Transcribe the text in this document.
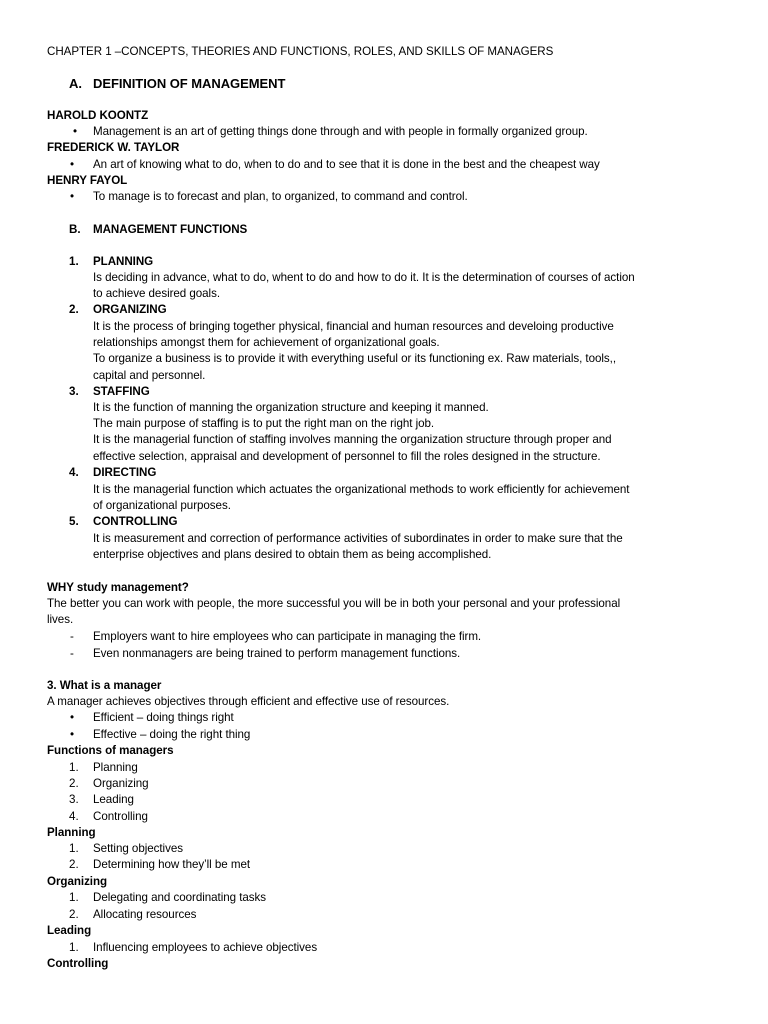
CHAPTER 1 –CONCEPTS, THEORIES AND FUNCTIONS, ROLES, AND SKILLS OF MANAGERS
A. DEFINITION OF MANAGEMENT
HAROLD KOONTZ
• Management is an art of getting things done through and with people in formally organized group.
FREDERICK W. TAYLOR
• An art of knowing what to do, when to do and to see that it is done in the best and the cheapest way
HENRY FAYOL
• To manage is to forecast and plan, to organized, to command and control.
B. MANAGEMENT FUNCTIONS
1. PLANNING
Is deciding in advance, what to do, whent to do and how to do it. It is the determination of courses of action
to achieve desired goals.
2. ORGANIZING
It is the process of bringing together physical, financial and human resources and develoing productive
relationships amongst them for achievement of organizational goals.
To organize a business is to provide it with everything useful or its functioning ex. Raw materials, tools,,
capital and personnel.
3. STAFFING
It is the function of manning the organization structure and keeping it manned.
The main purpose of staffing is to put the right man on the right job.
It is the managerial function of staffing involves manning the organization structure through proper and
effective selection, appraisal and development of personnel to fill the roles designed in the structure.
4. DIRECTING
It is the managerial function which actuates the organizational methods to work efficiently for achievement
of organizational purposes.
5. CONTROLLING
It is measurement and correction of performance activities of subordinates in order to make sure that the
enterprise objectives and plans desired to obtain them as being accomplished.
WHY study management?
The better you can work with people, the more successful you will be in both your personal and your professional
lives.
- Employers want to hire employees who can participate in managing the firm.
- Even nonmanagers are being trained to perform management functions.
3. What is a manager
A manager achieves objectives through efficient and effective use of resources.
• Efficient – doing things right
• Effective – doing the right thing
Functions of managers
1. Planning
2. Organizing
3. Leading
4. Controlling
Planning
1. Setting objectives
2. Determining how they’ll be met
Organizing
1. Delegating and coordinating tasks
2. Allocating resources
Leading
1. Influencing employees to achieve objectives
Controlling
